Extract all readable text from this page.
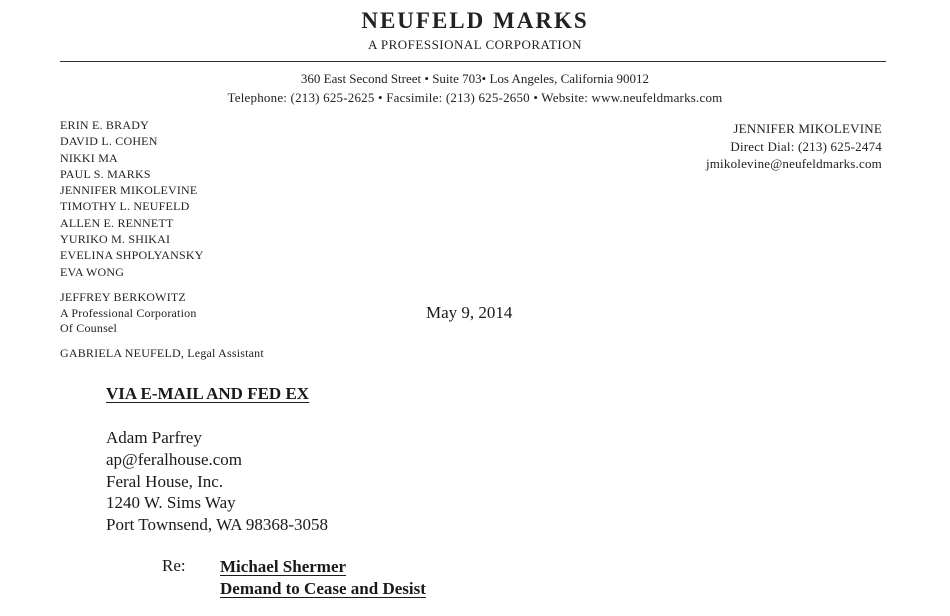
NEUFELD MARKS
A PROFESSIONAL CORPORATION
360 East Second Street • Suite 703• Los Angeles, California 90012
Telephone: (213) 625-2625 • Facsimile: (213) 625-2650 • Website: www.neufeldmarks.com
ERIN E. BRADY
DAVID L. COHEN
NIKKI MA
PAUL S. MARKS
JENNIFER MIKOLEVINE
TIMOTHY L. NEUFELD
ALLEN E. RENNETT
YURIKO M. SHIKAI
EVELINA SHPOLYANSKY
EVA WONG
JEFFREY BERKOWITZ
A Professional Corporation
Of Counsel
GABRIELA NEUFELD, Legal Assistant
JENNIFER MIKOLEVINE
Direct Dial: (213) 625-2474
jmikolevine@neufeldmarks.com
May 9, 2014
VIA E-MAIL AND FED EX
Adam Parfrey
ap@feralhouse.com
Feral House, Inc.
1240 W. Sims Way
Port Townsend, WA 98368-3058
Re: Michael Shermer
Demand to Cease and Desist
